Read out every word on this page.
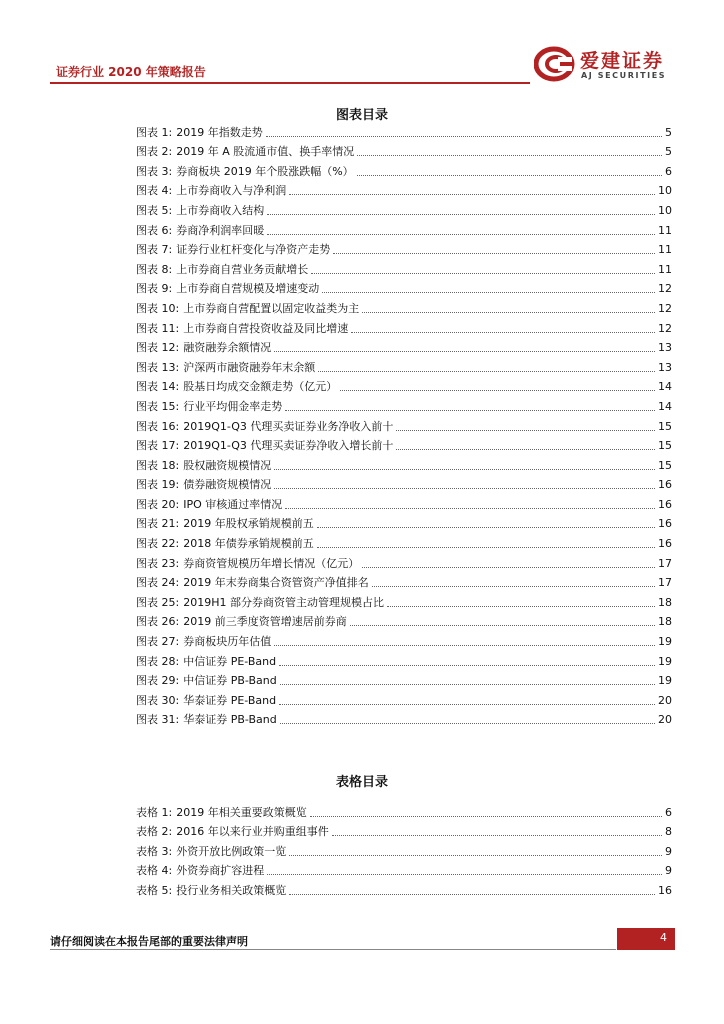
证券行业 2020 年策略报告	爱建证券
AJ SECURITIES
图表目录
图表 1: 2019 年指数走势	5
图表 2: 2019 年 A 股流通市值、换手率情况	5
图表 3: 券商板块 2019 年个股涨跌幅（%）	6
图表 4: 上市券商收入与净利润	10
图表 5: 上市券商收入结构	10
图表 6: 券商净利润率回暖	11
图表 7: 证券行业杠杆变化与净资产走势	11
图表 8: 上市券商自营业务贡献增长	11
图表 9: 上市券商自营规模及增速变动	12
图表 10: 上市券商自营配置以固定收益类为主	12
图表 11: 上市券商自营投资收益及同比增速	12
图表 12: 融资融券余额情况	13
图表 13: 沪深两市融资融券年末余额	13
图表 14: 股基日均成交金额走势（亿元）	14
图表 15: 行业平均佣金率走势	14
图表 16: 2019Q1-Q3 代理买卖证券业务净收入前十	15
图表 17: 2019Q1-Q3 代理买卖证券净收入增长前十	15
图表 18: 股权融资规模情况	15
图表 19: 债券融资规模情况	16
图表 20: IPO 审核通过率情况	16
图表 21: 2019 年股权承销规模前五	16
图表 22: 2018 年债券承销规模前五	16
图表 23: 券商资管规模历年增长情况（亿元）	17
图表 24: 2019 年末券商集合资管资产净值排名	17
图表 25: 2019H1 部分券商资管主动管理规模占比	18
图表 26: 2019 前三季度资管增速居前券商	18
图表 27: 券商板块历年估值	19
图表 28: 中信证券 PE-Band	19
图表 29: 中信证券 PB-Band	19
图表 30: 华泰证券 PE-Band	20
图表 31: 华泰证券 PB-Band	20
表格目录
表格 1: 2019 年相关重要政策概览	6
表格 2: 2016 年以来行业并购重组事件	8
表格 3: 外资开放比例政策一览	9
表格 4: 外资券商扩容进程	9
表格 5: 投行业务相关政策概览	16
请仔细阅读在本报告尾部的重要法律声明	4
